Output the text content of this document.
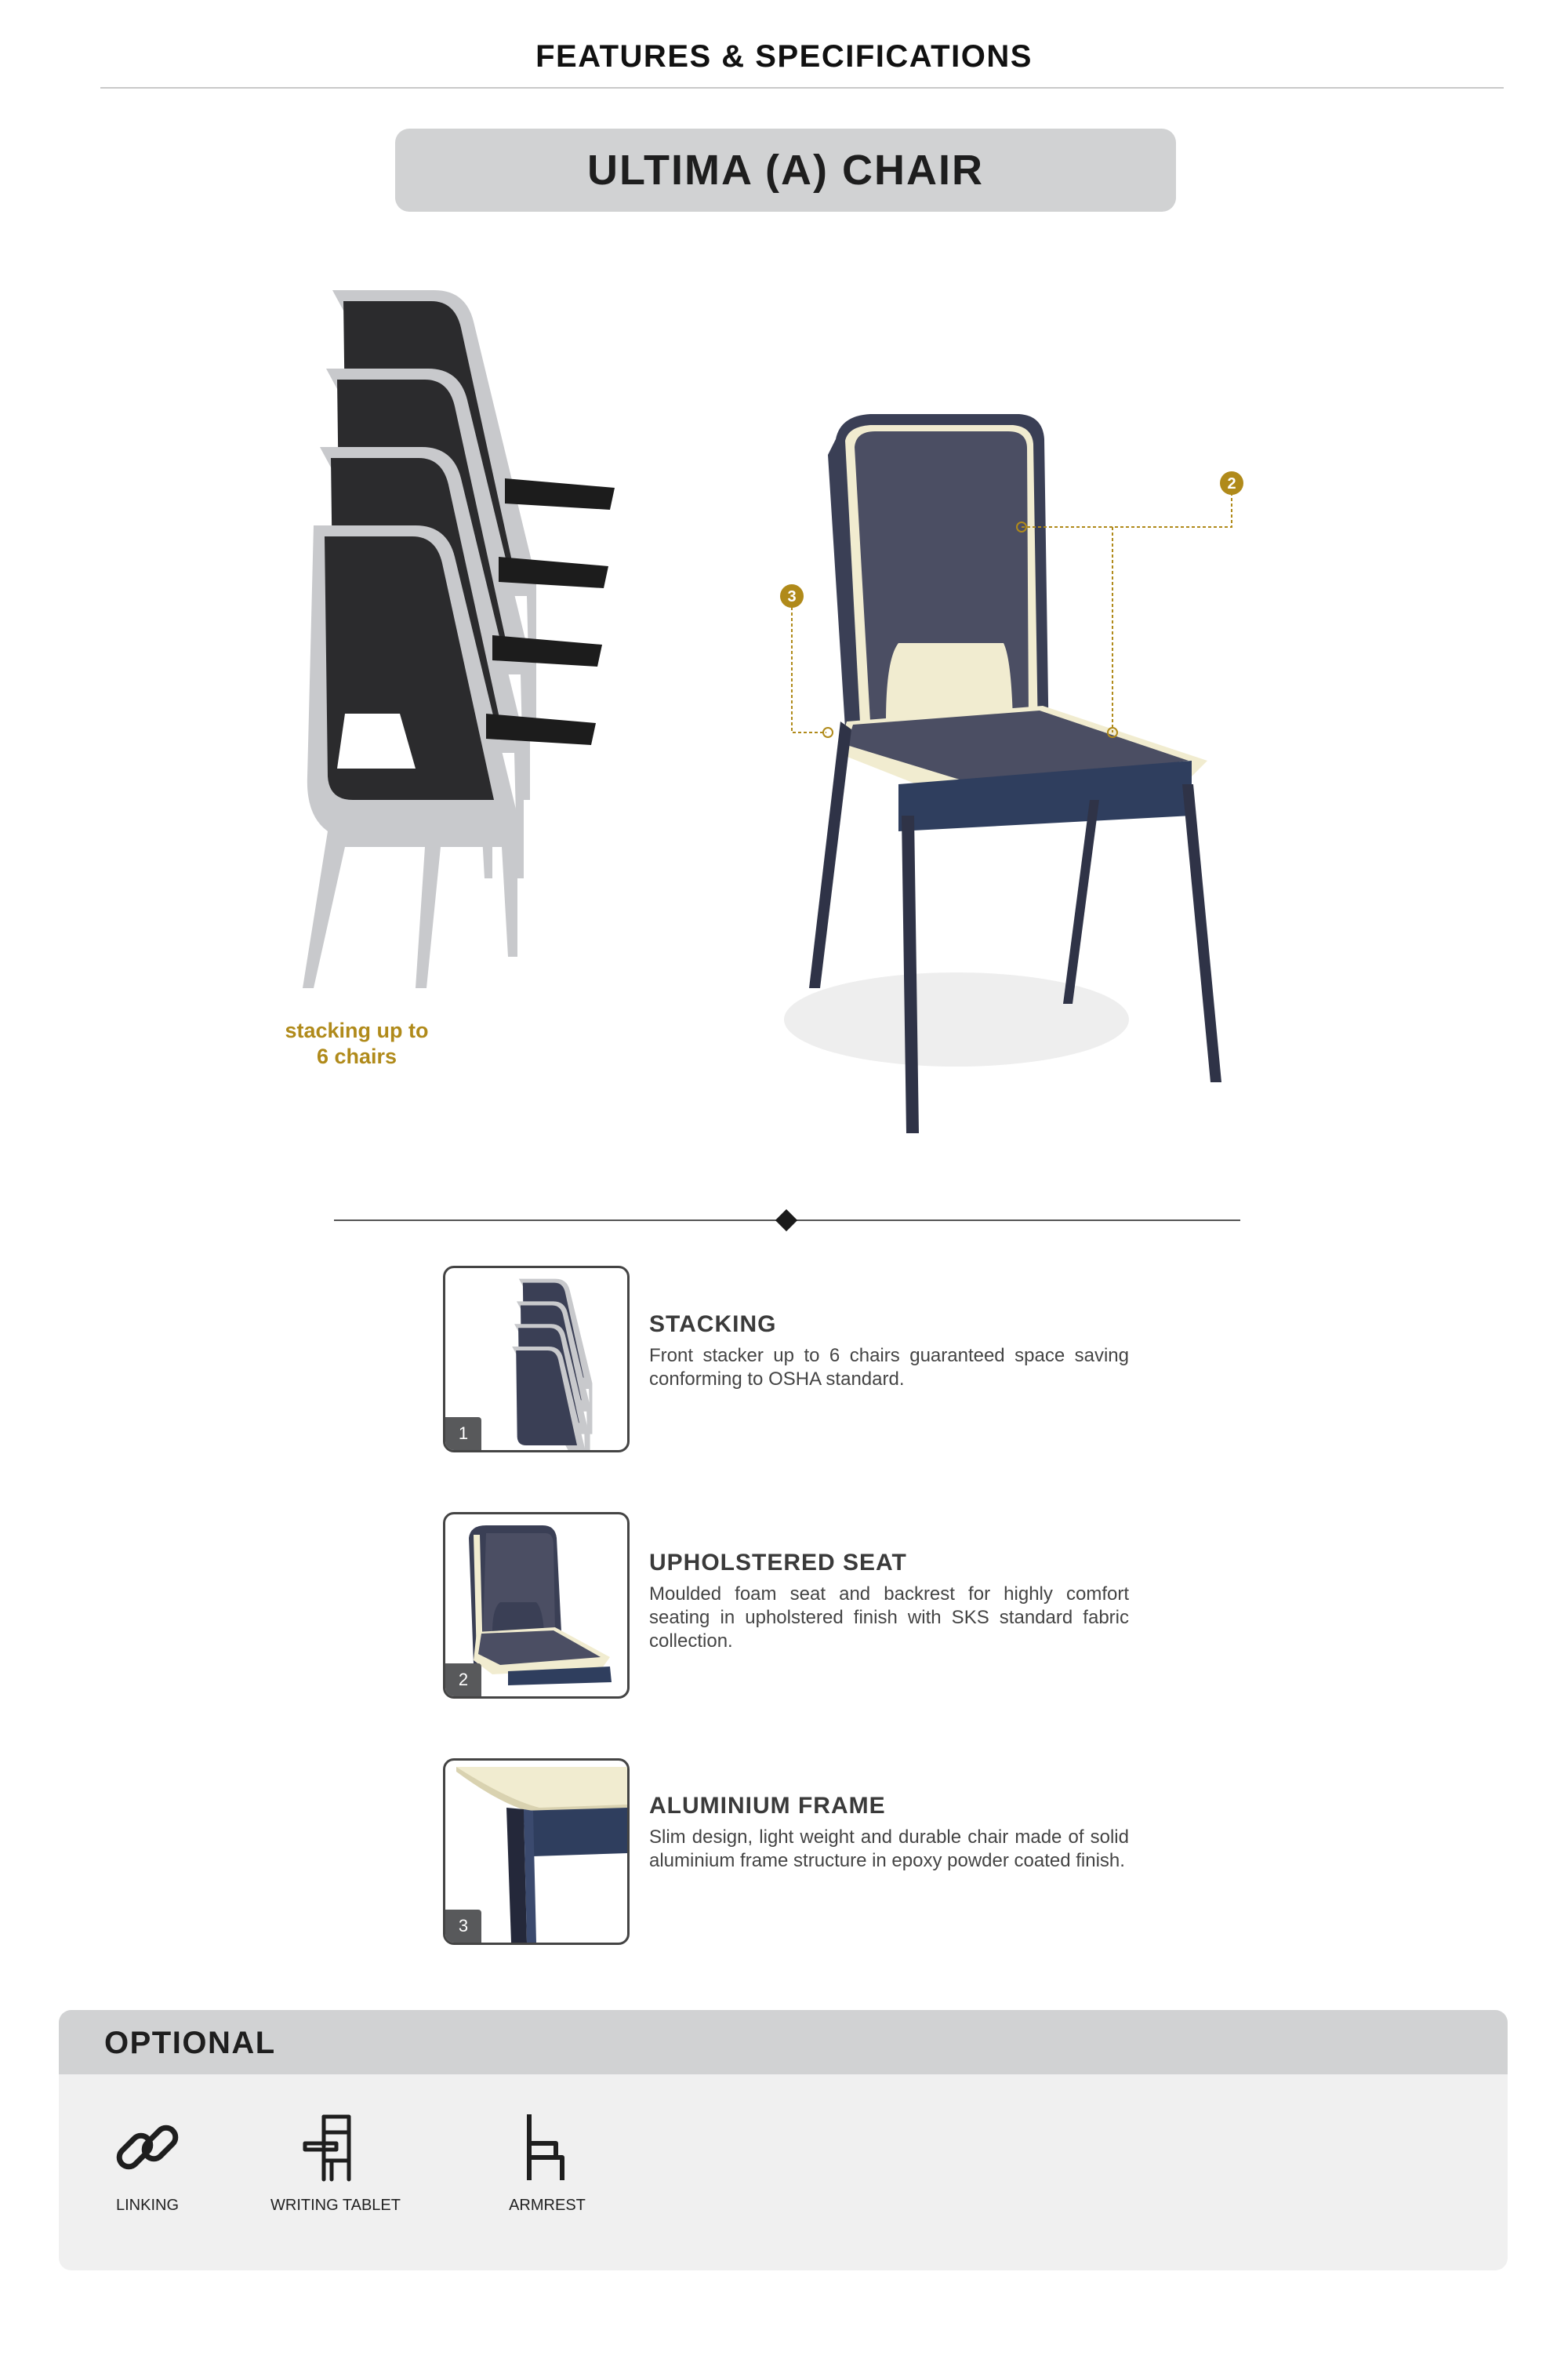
FEATURES & SPECIFICATIONS
ULTIMA (A) CHAIR
stacking up to
6 chairs
2
3
1
STACKING
Front stacker up to 6 chairs guaranteed space saving conforming to OSHA standard.
2
UPHOLSTERED SEAT
Moulded foam seat and backrest for highly comfort seating in upholstered finish with SKS standard fabric collection.
3
ALUMINIUM FRAME
Slim design, light weight and durable chair made of solid aluminium frame structure in epoxy powder coated finish.
OPTIONAL
LINKING	WRITING TABLET	ARMREST
